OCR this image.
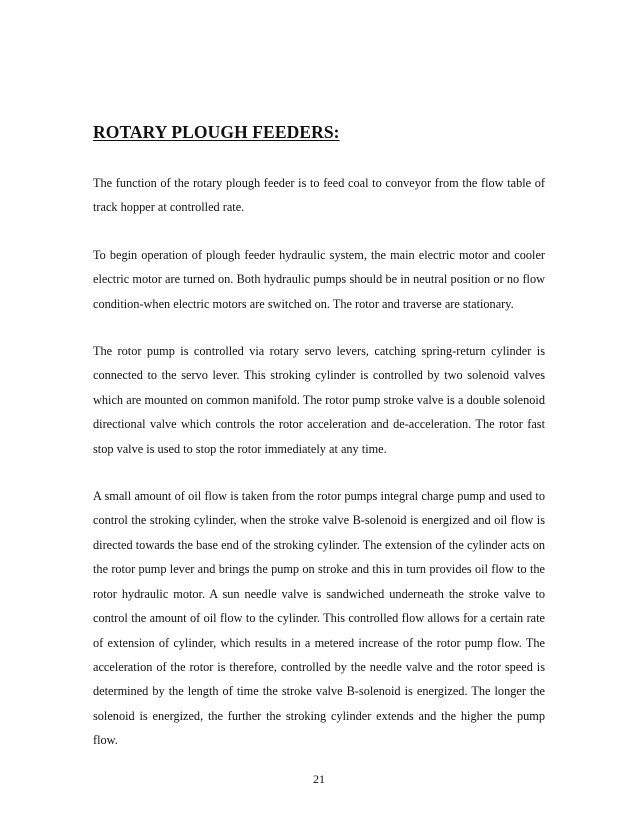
ROTARY PLOUGH FEEDERS:

The function of the rotary plough feeder is to feed coal to conveyor from the flow table of track hopper at controlled rate.

To begin operation of plough feeder hydraulic system, the main electric motor and cooler electric motor are turned on. Both hydraulic pumps should be in neutral position or no flow condition-when electric motors are switched on. The rotor and traverse are stationary.

The rotor pump is controlled via rotary servo levers, catching spring-return cylinder is connected to the servo lever. This stroking cylinder is controlled by two solenoid valves which are mounted on common manifold. The rotor pump stroke valve is a double solenoid directional valve which controls the rotor acceleration and de-acceleration. The rotor fast stop valve is used to stop the rotor immediately at any time.

A small amount of oil flow is taken from the rotor pumps integral charge pump and used to control the stroking cylinder, when the stroke valve B-solenoid is energized and oil flow is directed towards the base end of the stroking cylinder. The extension of the cylinder acts on the rotor pump lever and brings the pump on stroke and this in turn provides oil flow to the rotor hydraulic motor. A sun needle valve is sandwiched underneath the stroke valve to control the amount of oil flow to the cylinder. This controlled flow allows for a certain rate of extension of cylinder, which results in a metered increase of the rotor pump flow. The acceleration of the rotor is therefore, controlled by the needle valve and the rotor speed is determined by the length of time the stroke valve B-solenoid is energized. The longer the solenoid is energized, the further the stroking cylinder extends and the higher the pump flow.

21
